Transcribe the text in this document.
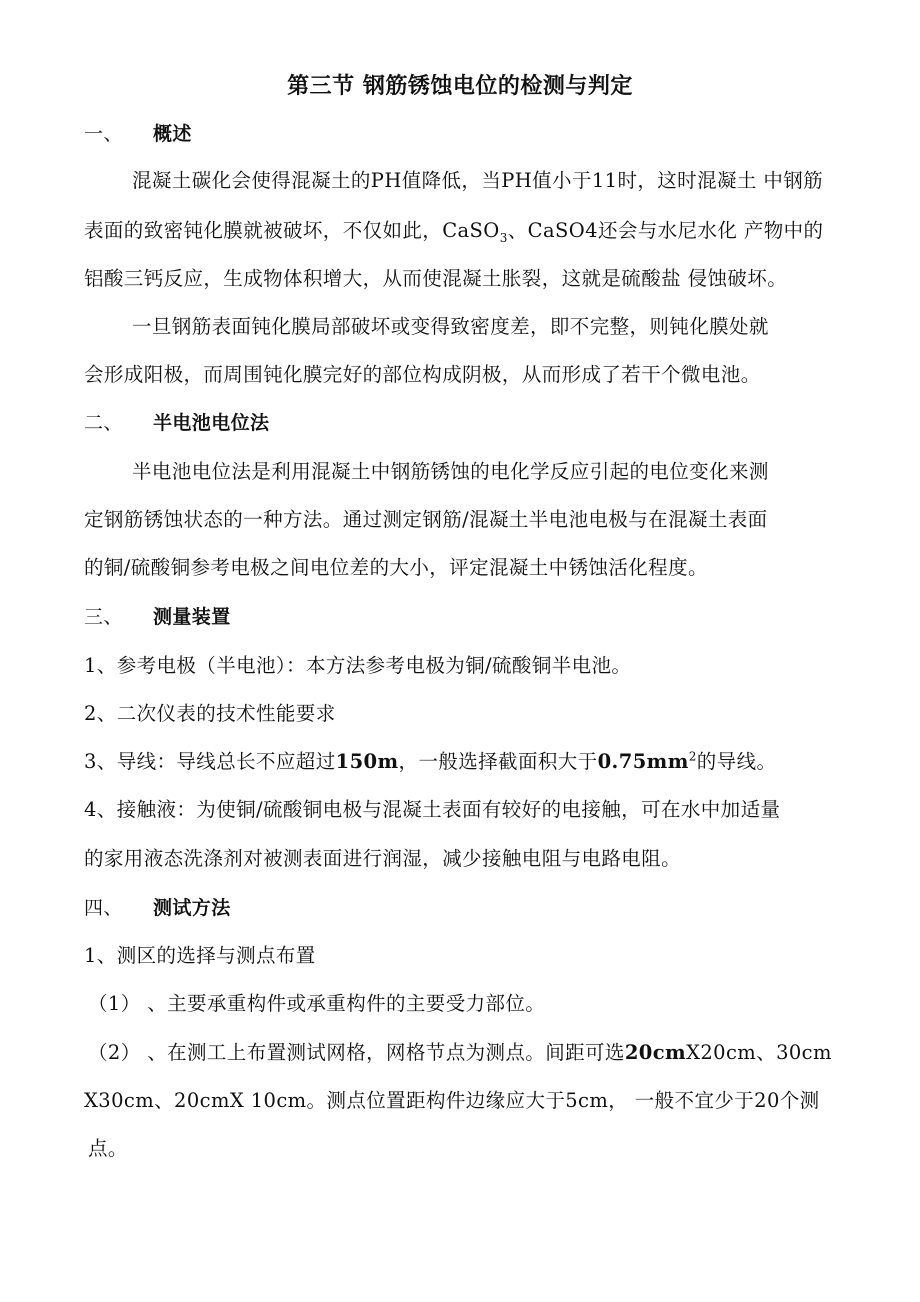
第三节 钢筋锈蚀电位的检测与判定
一、 概述
混凝土碳化会使得混凝土的PH值降低，当PH值小于11时，这时混凝土 中钢筋
表面的致密钝化膜就被破坏，不仅如此，CaSO$_3$、CaSO4还会与水尼水化 产物中的
铝酸三钙反应，生成物体积增大，从而使混凝土胀裂，这就是硫酸盐 侵蚀破坏。
一旦钢筋表面钝化膜局部破坏或变得致密度差，即不完整，则钝化膜处就
会形成阳极，而周围钝化膜完好的部位构成阴极，从而形成了若干个微电池。
二、 半电池电位法
半电池电位法是利用混凝土中钢筋锈蚀的电化学反应引起的电位变化来测
定钢筋锈蚀状态的一种方法。通过测定钢筋/混凝土半电池电极与在混凝土表面
的铜/硫酸铜参考电极之间电位差的大小，评定混凝土中锈蚀活化程度。
三、 测量装置
1、参考电极（半电池）：本方法参考电极为铜/硫酸铜半电池。
2、二次仪表的技术性能要求
3、导线：导线总长不应超过150m，一般选择截面积大于$0.75mm^2$的导线。
4、接触液：为使铜/硫酸铜电极与混凝土表面有较好的电接触，可在水中加适量
的家用液态洗涤剂对被测表面进行润湿，减少接触电阻与电路电阻。
四、 测试方法
1、测区的选择与测点布置
（1） 、主要承重构件或承重构件的主要受力部位。
（2） 、在测工上布置测试网格，网格节点为测点。间距可选20cmX20cm、30cm
X30cm、20cmX 10cm。测点位置距构件边缘应大于5cm， 一般不宜少于20个测
点。
